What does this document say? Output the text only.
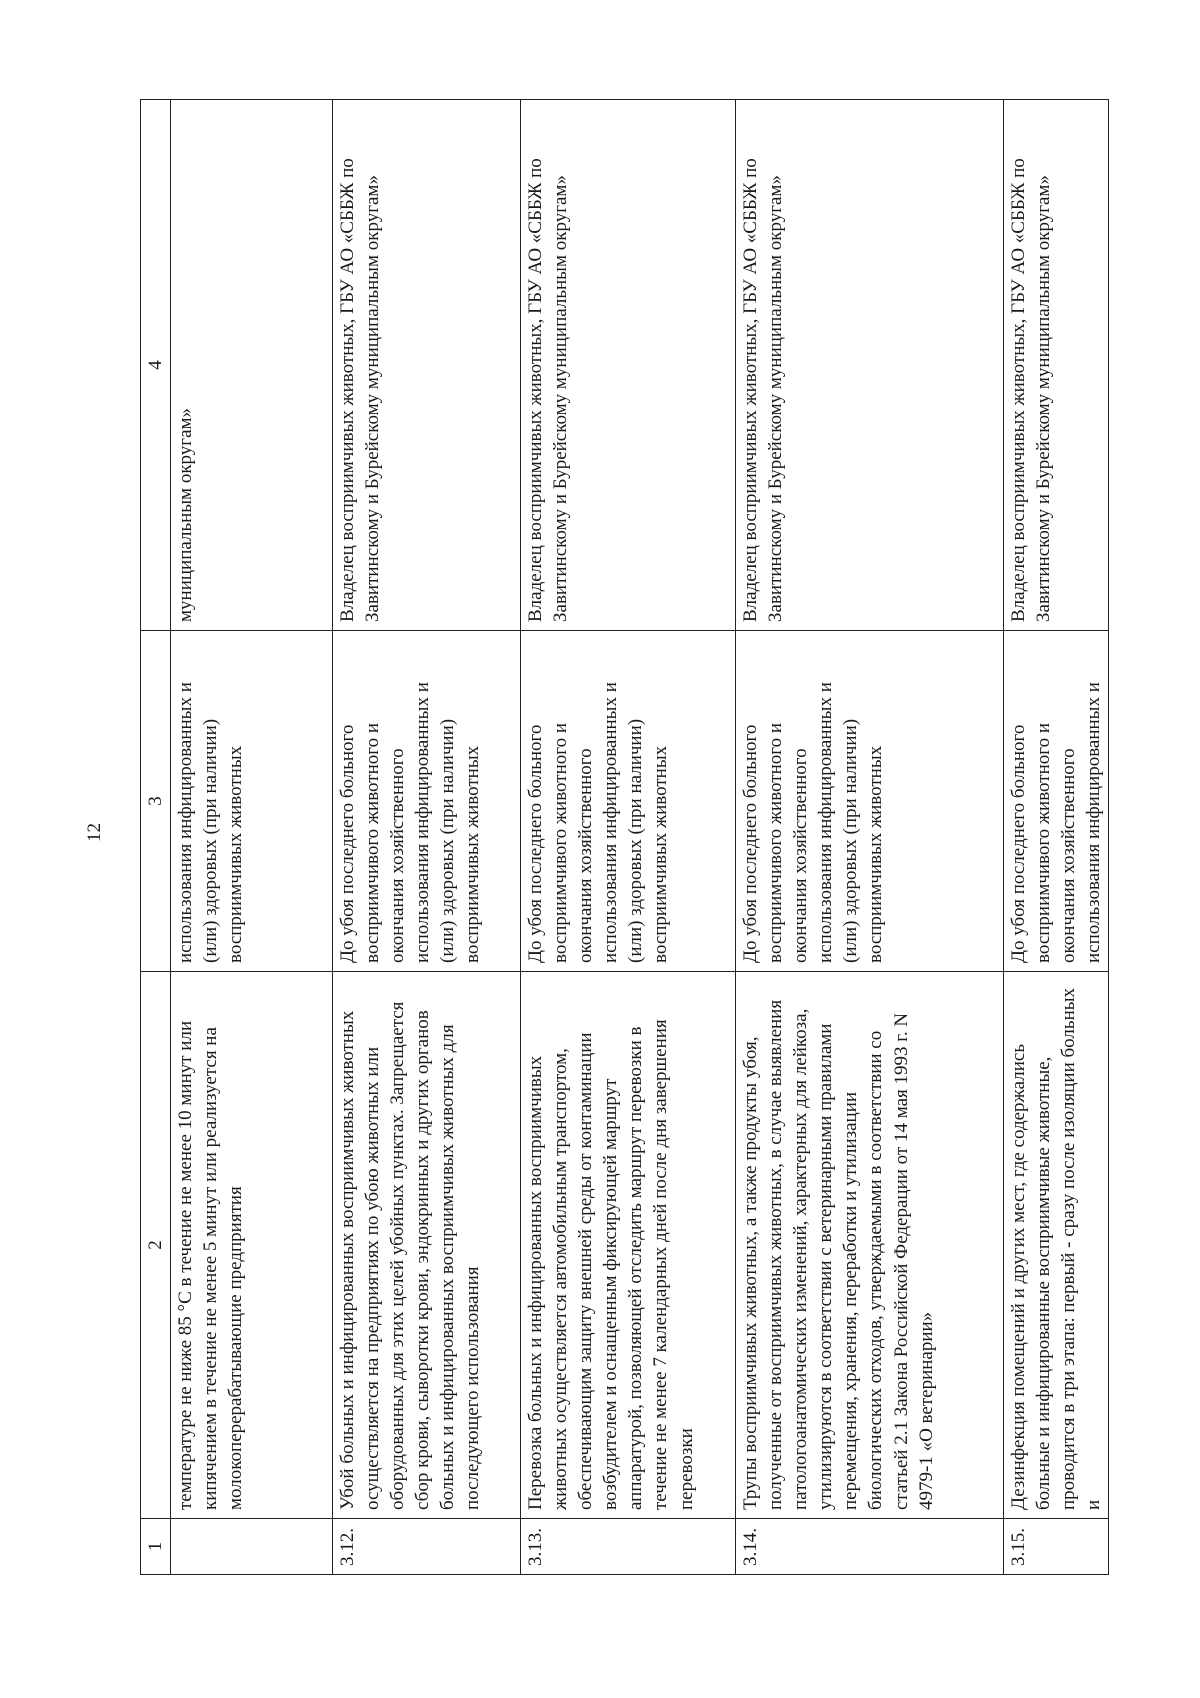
12
1	2	3	4
	температуре не ниже 85 °С в течение не менее 10 минут или кипячением в течение не менее 5 минут или реализуется на молокоперерабатывающие предприятия	использования инфицированных и (или) здоровых (при наличии) восприимчивых животных	муниципальным округам»
3.12.	Убой больных и инфицированных восприимчивых животных осуществляется на предприятиях по убою животных или оборудованных для этих целей убойных пунктах. Запрещается сбор крови, сыворотки крови, эндокринных и других органов больных и инфицированных восприимчивых животных для последующего использования	До убоя последнего больного восприимчивого животного и окончания хозяйственного использования инфицированных и (или) здоровых (при наличии) восприимчивых животных	Владелец восприимчивых животных, ГБУ АО «СББЖ по Завитинскому и Бурейскому муниципальным округам»
3.13.	Перевозка больных и инфицированных восприимчивых животных осуществляется автомобильным транспортом, обеспечивающим защиту внешней среды от контаминации возбудителем и оснащенным фиксирующей маршрут аппаратурой, позволяющей отследить маршрут перевозки в течение не менее 7 календарных дней после дня завершения перевозки	До убоя последнего больного восприимчивого животного и окончания хозяйственного использования инфицированных и (или) здоровых (при наличии) восприимчивых животных	Владелец восприимчивых животных, ГБУ АО «СББЖ по Завитинскому и Бурейскому муниципальным округам»
3.14.	Трупы восприимчивых животных, а также продукты убоя, полученные от восприимчивых животных, в случае выявления патологоанатомических изменений, характерных для лейкоза, утилизируются в соответствии с ветеринарными правилами перемещения, хранения, переработки и утилизации биологических отходов, утверждаемыми в соответствии со статьей 2.1 Закона Российской Федерации от 14 мая 1993 г. N 4979-1 «О ветеринарии»	До убоя последнего больного восприимчивого животного и окончания хозяйственного использования инфицированных и (или) здоровых (при наличии) восприимчивых животных	Владелец восприимчивых животных, ГБУ АО «СББЖ по Завитинскому и Бурейскому муниципальным округам»
3.15.	Дезинфекция помещений и других мест, где содержались больные и инфицированные восприимчивые животные, проводится в три этапа: первый - сразу после изоляции больных и	До убоя последнего больного восприимчивого животного и окончания хозяйственного использования инфицированных и	Владелец восприимчивых животных, ГБУ АО «СББЖ по Завитинскому и Бурейскому муниципальным округам»
